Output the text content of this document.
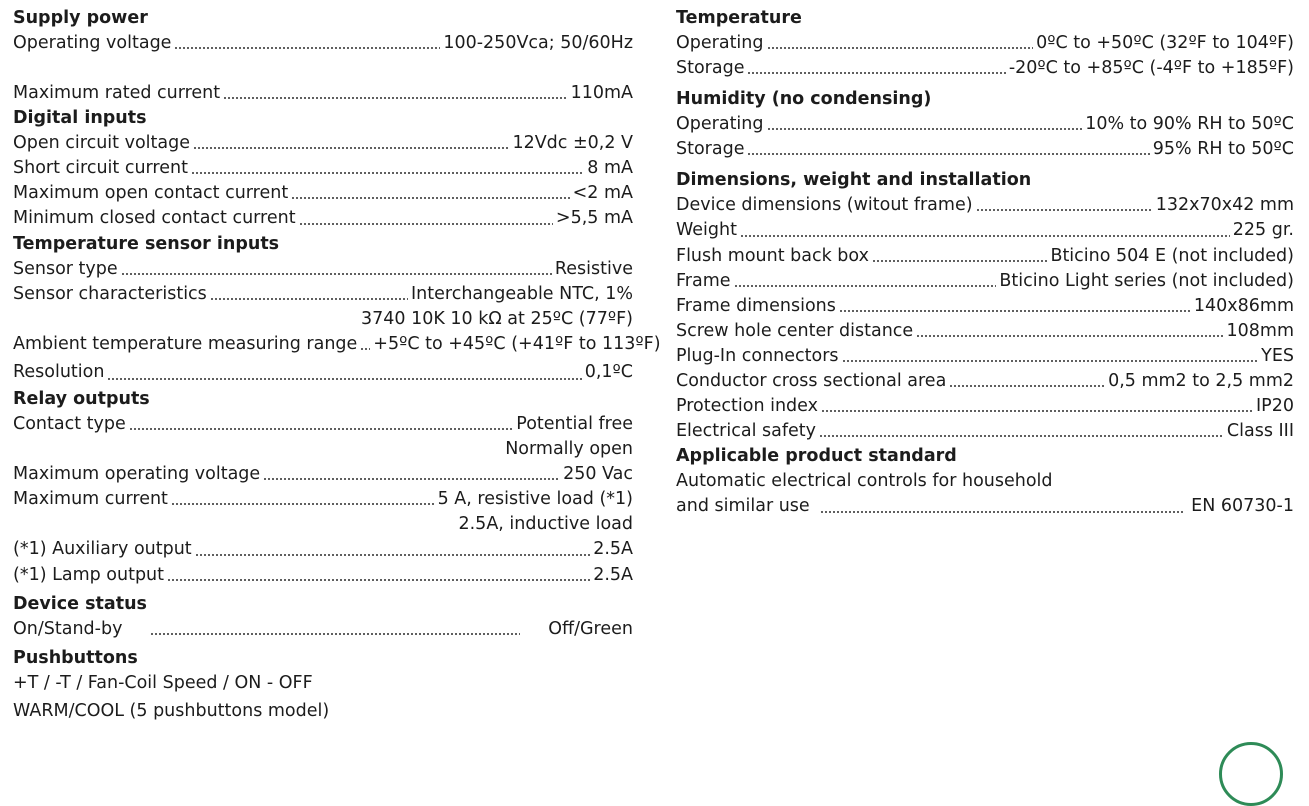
Supply power
Operating voltage	100-250Vca; 50/60Hz
Maximum rated current	110mA
Digital inputs
Open circuit voltage	12Vdc ±0,2 V
Short circuit current	8 mA
Maximum open contact current	<2 mA
Minimum closed contact current	>5,5 mA
Temperature sensor inputs
Sensor type	Resistive
Sensor characteristics	Interchangeable NTC, 1%
3740 10K 10 kΩ at 25ºC (77ºF)
Ambient temperature measuring range +5ºC to +45ºC (+41ºF to 113ºF)
Resolution	0,1ºC
Relay outputs
Contact type	Potential free
Normally open
Maximum operating voltage	250 Vac
Maximum current	5 A, resistive load (*1)
2.5A, inductive load
(*1) Auxiliary output	2.5A
(*1) Lamp output	2.5A
Device status
On/Stand-by	Off/Green
Pushbuttons
+T / -T / Fan-Coil Speed / ON - OFF
WARM/COOL (5 pushbuttons model)
Temperature
Operating	0ºC to +50ºC (32ºF to 104ºF)
Storage	-20ºC to +85ºC (-4ºF to +185ºF)
Humidity (no condensing)
Operating	10% to 90% RH to 50ºC
Storage	95% RH to 50ºC
Dimensions, weight and installation
Device dimensions (witout frame)	132x70x42 mm
Weight	225 gr.
Flush mount back box	Bticino 504 E (not included)
Frame	Bticino Light series (not included)
Frame dimensions	140x86mm
Screw hole center distance	108mm
Plug-In connectors	YES
Conductor cross sectional area	0,5 mm2 to 2,5 mm2
Protection index	IP20
Electrical safety	Class III
Applicable product standard
Automatic electrical controls for household
and similar use	EN 60730-1
